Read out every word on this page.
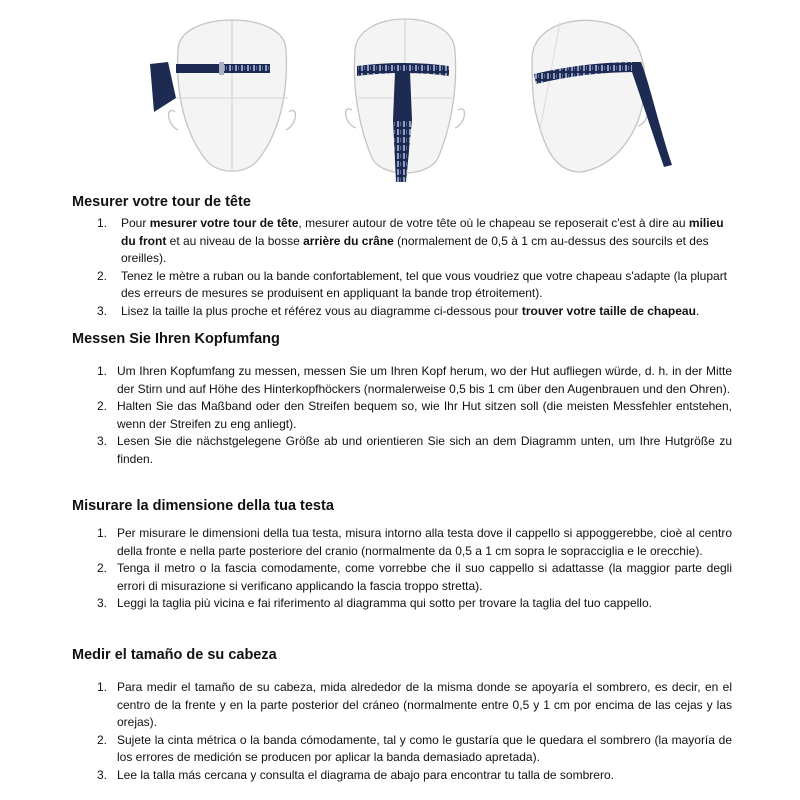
Mesurer votre tour de tête
1. Pour mesurer votre tour de tête, mesurer autour de votre tête où le chapeau se reposerait c'est à dire au milieu du front et au niveau de la bosse arrière du crâne (normalement de 0,5 à 1 cm au-dessus des sourcils et des oreilles).
2. Tenez le mètre a ruban ou la bande confortablement, tel que vous voudriez que votre chapeau s'adapte (la plupart des erreurs de mesures se produisent en appliquant la bande trop étroitement).
3. Lisez la taille la plus proche et référez vous au diagramme ci-dessous pour trouver votre taille de chapeau.
Messen Sie Ihren Kopfumfang
1. Um Ihren Kopfumfang zu messen, messen Sie um Ihren Kopf herum, wo der Hut aufliegen würde, d. h. in der Mitte der Stirn und auf Höhe des Hinterkopfhöckers (normalerweise 0,5 bis 1 cm über den Augenbrauen und den Ohren).
2. Halten Sie das Maßband oder den Streifen bequem so, wie Ihr Hut sitzen soll (die meisten Messfehler entstehen, wenn der Streifen zu eng anliegt).
3. Lesen Sie die nächstgelegene Größe ab und orientieren Sie sich an dem Diagramm unten, um Ihre Hutgröße zu finden.
Misurare la dimensione della tua testa
1. Per misurare le dimensioni della tua testa, misura intorno alla testa dove il cappello si appoggerebbe, cioè al centro della fronte e nella parte posteriore del cranio (normalmente da 0,5 a 1 cm sopra le sopracciglia e le orecchie).
2. Tenga il metro o la fascia comodamente, come vorrebbe che il suo cappello si adattasse (la maggior parte degli errori di misurazione si verificano applicando la fascia troppo stretta).
3. Leggi la taglia più vicina e fai riferimento al diagramma qui sotto per trovare la taglia del tuo cappello.
Medir el tamaño de su cabeza
1. Para medir el tamaño de su cabeza, mida alrededor de la misma donde se apoyaría el sombrero, es decir, en el centro de la frente y en la parte posterior del cráneo (normalmente entre 0,5 y 1 cm por encima de las cejas y las orejas).
2. Sujete la cinta métrica o la banda cómodamente, tal y como le gustaría que le quedara el sombrero (la mayoría de los errores de medición se producen por aplicar la banda demasiado apretada).
3. Lee la talla más cercana y consulta el diagrama de abajo para encontrar tu talla de sombrero.
